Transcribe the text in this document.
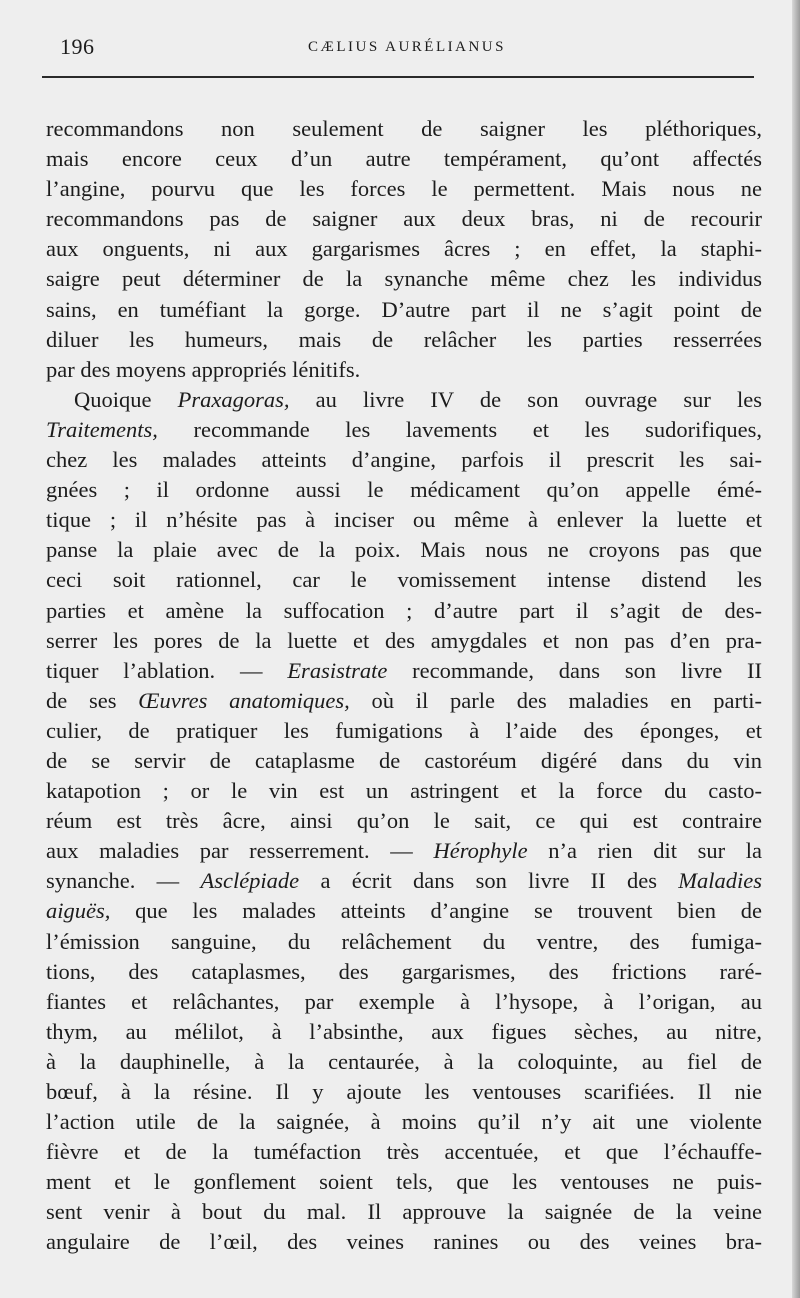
196	CÆLIUS AURÉLIANUS
recommandons non seulement de saigner les pléthoriques,
mais encore ceux d’un autre tempérament, qu’ont affectés
l’angine, pourvu que les forces le permettent. Mais nous ne
recommandons pas de saigner aux deux bras, ni de recourir
aux onguents, ni aux gargarismes âcres ; en effet, la staphi-
saigre peut déterminer de la synanche même chez les individus
sains, en tuméfiant la gorge. D’autre part il ne s’agit point de
diluer les humeurs, mais de relâcher les parties resserrées
par des moyens appropriés lénitifs.
Quoique Praxagoras, au livre IV de son ouvrage sur les
Traitements, recommande les lavements et les sudorifiques,
chez les malades atteints d’angine, parfois il prescrit les sai-
gnées ; il ordonne aussi le médicament qu’on appelle émé-
tique ; il n’hésite pas à inciser ou même à enlever la luette et
panse la plaie avec de la poix. Mais nous ne croyons pas que
ceci soit rationnel, car le vomissement intense distend les
parties et amène la suffocation ; d’autre part il s’agit de des-
serrer les pores de la luette et des amygdales et non pas d’en pra-
tiquer l’ablation. — Erasistrate recommande, dans son livre II
de ses Œuvres anatomiques, où il parle des maladies en parti-
culier, de pratiquer les fumigations à l’aide des éponges, et
de se servir de cataplasme de castoréum digéré dans du vin
katapotion ; or le vin est un astringent et la force du casto-
réum est très âcre, ainsi qu’on le sait, ce qui est contraire
aux maladies par resserrement. — Hérophyle n’a rien dit sur la
synanche. — Asclépiade a écrit dans son livre II des Maladies
aiguës, que les malades atteints d’angine se trouvent bien de
l’émission sanguine, du relâchement du ventre, des fumiga-
tions, des cataplasmes, des gargarismes, des frictions raré-
fiantes et relâchantes, par exemple à l’hysope, à l’origan, au
thym, au mélilot, à l’absinthe, aux figues sèches, au nitre,
à la dauphinelle, à la centaurée, à la coloquinte, au fiel de
bœuf, à la résine. Il y ajoute les ventouses scarifiées. Il nie
l’action utile de la saignée, à moins qu’il n’y ait une violente
fièvre et de la tuméfaction très accentuée, et que l’échauffe-
ment et le gonflement soient tels, que les ventouses ne puis-
sent venir à bout du mal. Il approuve la saignée de la veine
angulaire de l’œil, des veines ranines ou des veines bra-
